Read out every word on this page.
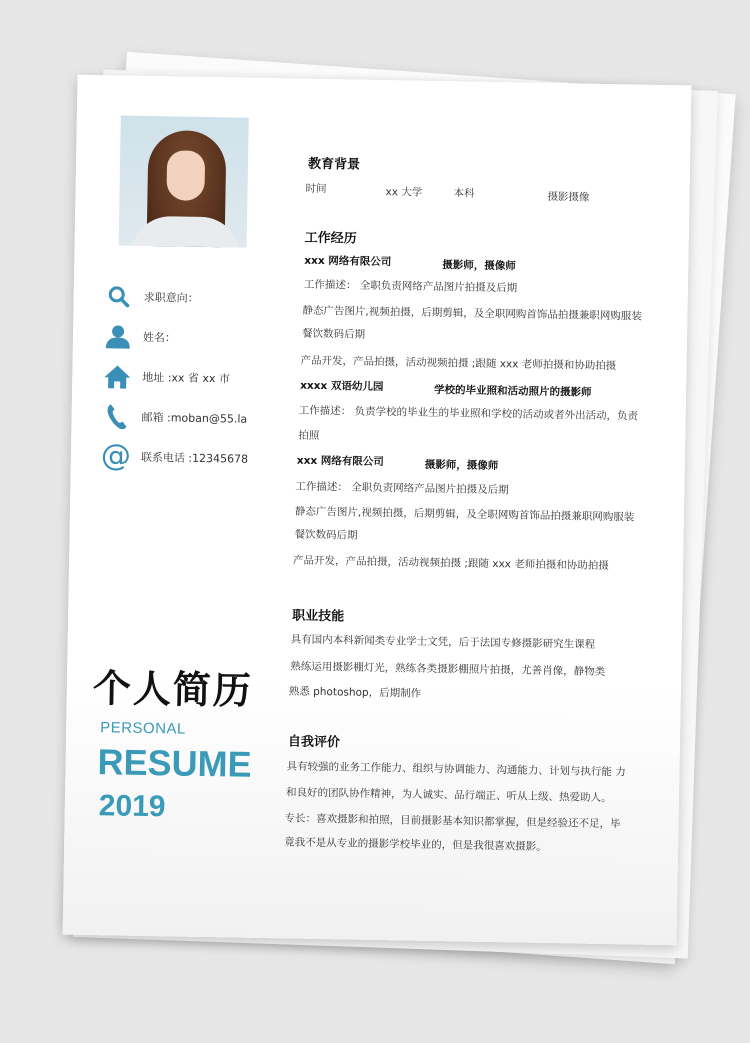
求职意向：
姓名：
地址 :xx 省 xx 市
邮箱 :moban@55.la
@ 联系电话 :12345678
个人简历
PERSONAL
RESUME
2019
教育背景
时间	xx 大学	本科	摄影摄像
工作经历
xxx 网络有限公司	摄影师，摄像师
工作描述： 全职负责网络产品图片拍摄及后期
静态广告图片,视频拍摄，后期剪辑，及全职网购首饰品拍摄兼职网购服装
餐饮数码后期
产品开发，产品拍摄，活动视频拍摄 ;跟随 xxx 老师拍摄和协助拍摄
xxxx 双语幼儿园	学校的毕业照和活动照片的摄影师
工作描述： 负责学校的毕业生的毕业照和学校的活动或者外出活动，负责
拍照
xxx 网络有限公司	摄影师，摄像师
工作描述： 全职负责网络产品图片拍摄及后期
静态广告图片,视频拍摄，后期剪辑，及全职网购首饰品拍摄兼职网购服装
餐饮数码后期
产品开发，产品拍摄，活动视频拍摄 ;跟随 xxx 老师拍摄和协助拍摄
职业技能
具有国内本科新闻类专业学士文凭，后于法国专修摄影研究生课程
熟练运用摄影棚灯光，熟练各类摄影棚照片拍摄，尤善肖像，静物类
熟悉 photoshop，后期制作
自我评价
具有较强的业务工作能力、组织与协调能力、沟通能力、计划与执行能 力
和良好的团队协作精神，为人诚实、品行端正、听从上级、热爱助人。
专长：喜欢摄影和拍照，目前摄影基本知识都掌握，但是经验还不足，毕
竟我不是从专业的摄影学校毕业的，但是我很喜欢摄影。
